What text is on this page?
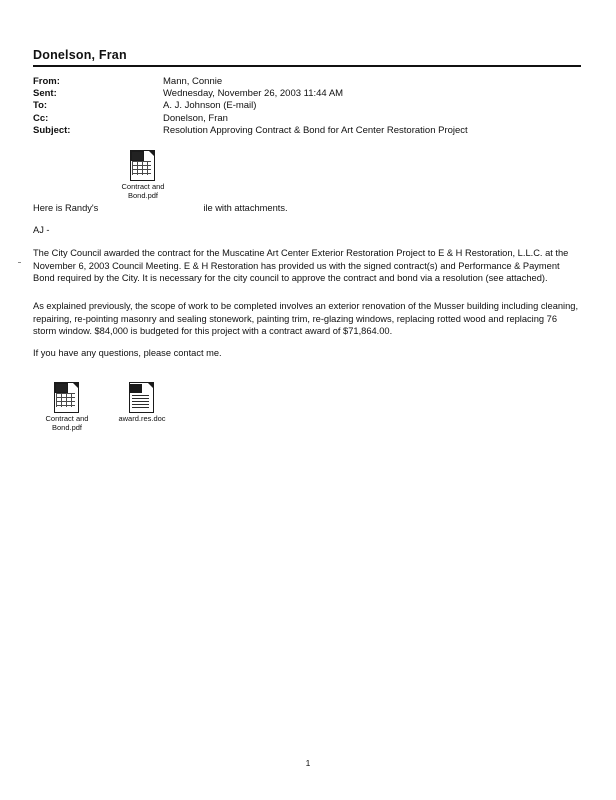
Donelson, Fran
From:	Mann, Connie
Sent:	Wednesday, November 26, 2003 11:44 AM
To:	A. J. Johnson (E-mail)
Cc:	Donelson, Fran
Subject:	Resolution Approving Contract & Bond for Art Center Restoration Project
Contract and
Bond.pdf
Here is Randy's	ile with attachments.
AJ -
The City Council awarded the contract for the Muscatine Art Center Exterior Restoration Project to E & H Restoration, L.L.C. at the November 6, 2003 Council Meeting. E & H Restoration has provided us with the signed contract(s) and Performance & Payment Bond required by the City. It is necessary for the city council to approve the contract and bond via a resolution (see attached).
As explained previously, the scope of work to be completed involves an exterior renovation of the Musser building including cleaning, repairing, re-pointing masonry and sealing stonework, painting trim, re-glazing windows, replacing rotted wood and replacing 76 storm window. $84,000 is budgeted for this project with a contract award of $71,864.00.
If you have any questions, please contact me.
Contract and
Bond.pdf
award.res.doc
1
